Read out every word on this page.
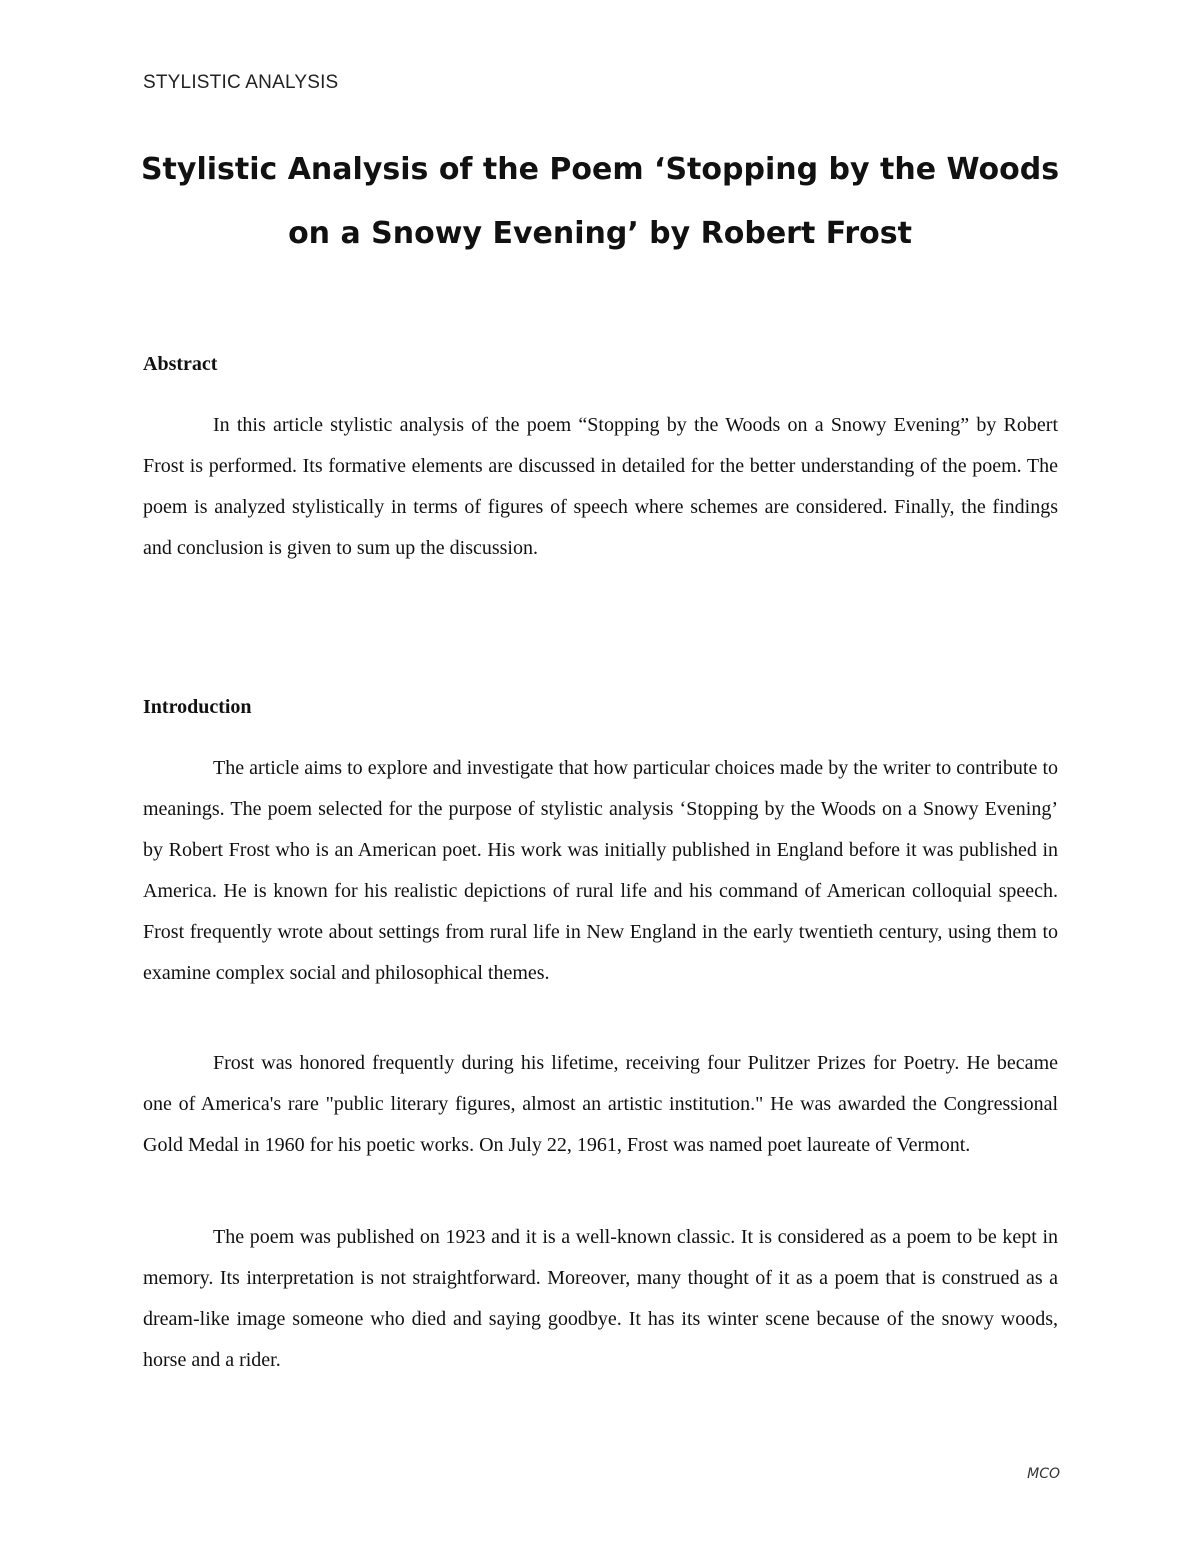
STYLISTIC ANALYSIS
Stylistic Analysis of the Poem ‘Stopping by the Woods on a Snowy Evening’ by Robert Frost
Abstract

In this article stylistic analysis of the poem “Stopping by the Woods on a Snowy Evening” by Robert Frost is performed. Its formative elements are discussed in detailed for the better understanding of the poem. The poem is analyzed stylistically in terms of figures of speech where schemes are considered. Finally, the findings and conclusion is given to sum up the discussion.

Introduction

The article aims to explore and investigate that how particular choices made by the writer to contribute to meanings. The poem selected for the purpose of stylistic analysis ‘Stopping by the Woods on a Snowy Evening’ by Robert Frost who is an American poet. His work was initially published in England before it was published in America. He is known for his realistic depictions of rural life and his command of American colloquial speech. Frost frequently wrote about settings from rural life in New England in the early twentieth century, using them to examine complex social and philosophical themes.

Frost was honored frequently during his lifetime, receiving four Pulitzer Prizes for Poetry. He became one of America's rare "public literary figures, almost an artistic institution." He was awarded the Congressional Gold Medal in 1960 for his poetic works. On July 22, 1961, Frost was named poet laureate of Vermont.

The poem was published on 1923 and it is a well-known classic. It is considered as a poem to be kept in memory. Its interpretation is not straightforward. Moreover, many thought of it as a poem that is construed as a dream-like image someone who died and saying goodbye. It has its winter scene because of the snowy woods, horse and a rider.

MCO
